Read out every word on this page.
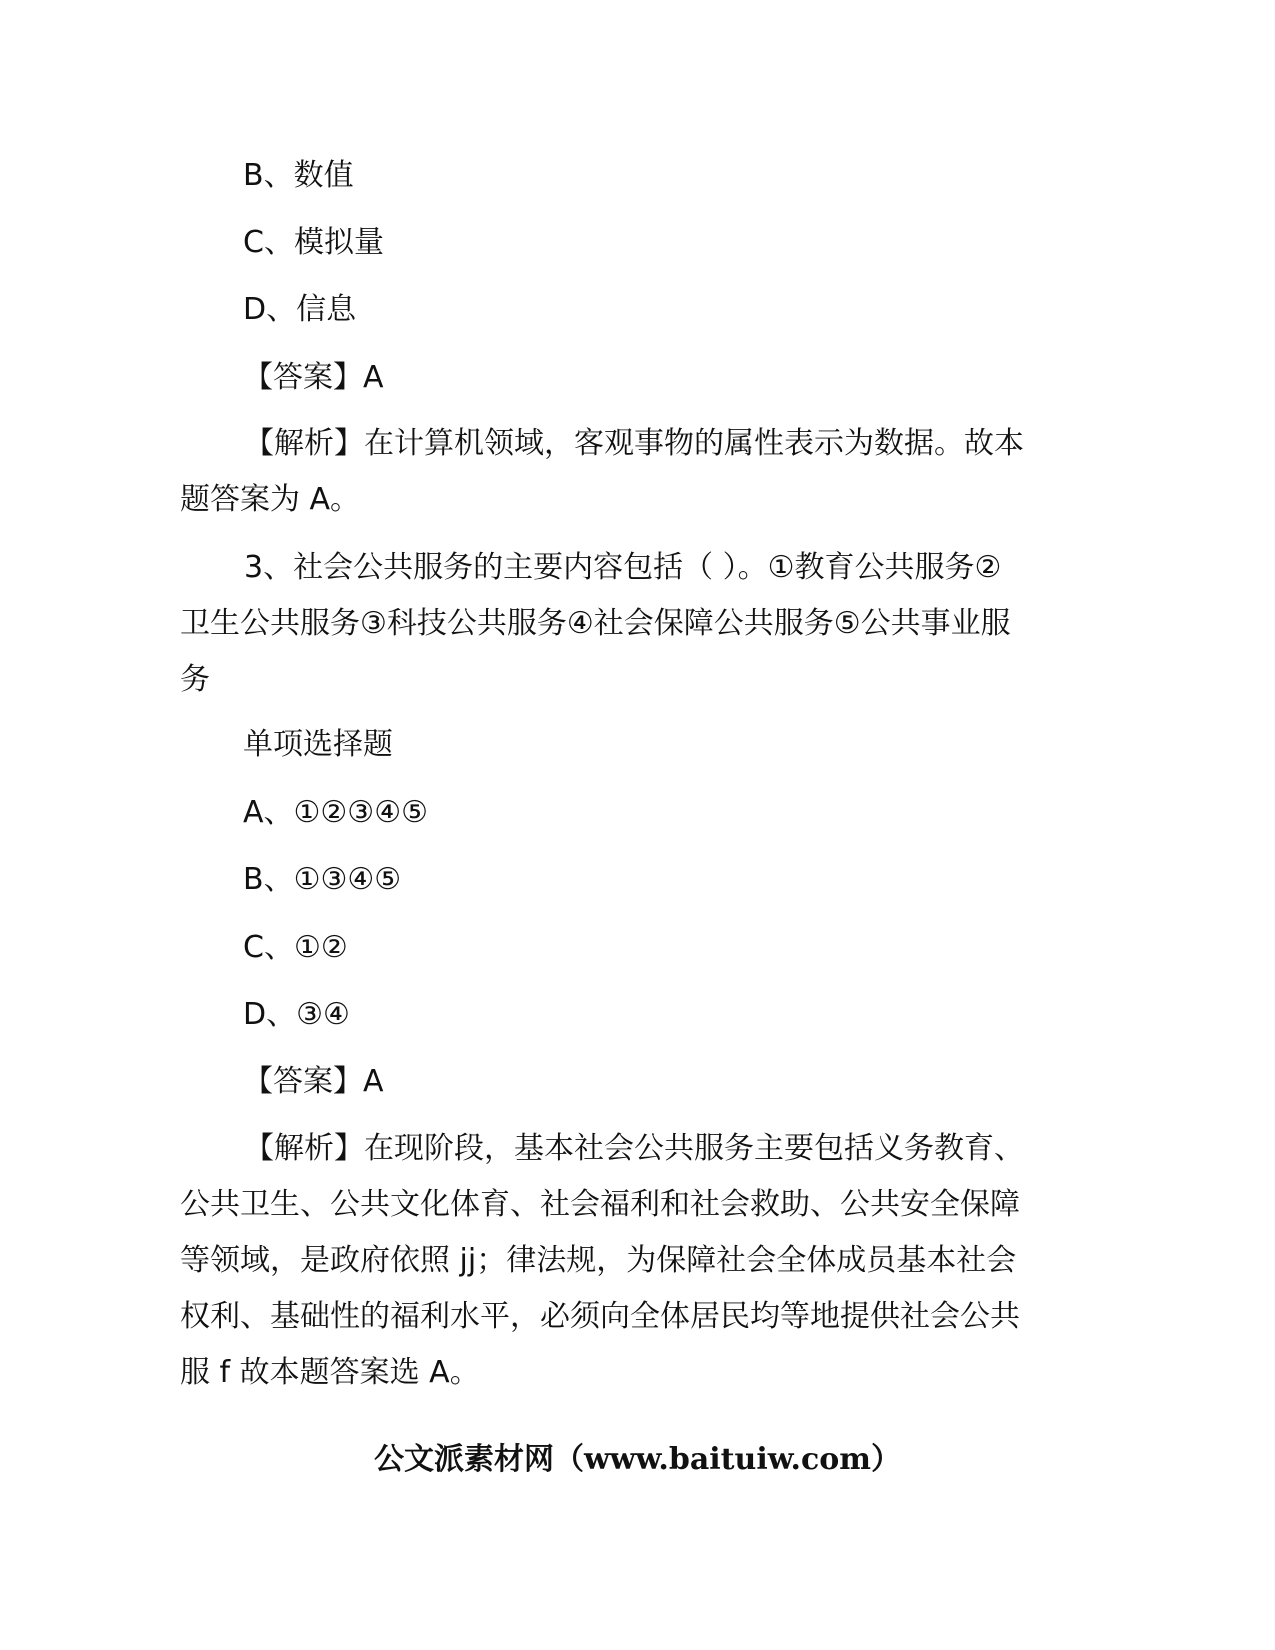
B、数值
C、模拟量
D、信息
【答案】A
【解析】在计算机领域，客观事物的属性表示为数据。故本题答案为 A。
3、社会公共服务的主要内容包括（ ）。①教育公共服务②卫生公共服务③科技公共服务④社会保障公共服务⑤公共事业服务
单项选择题
A、①②③④⑤
B、①③④⑤
C、①②
D、③④
【答案】A
【解析】在现阶段，基本社会公共服务主要包括义务教育、公共卫生、公共文化体育、社会福利和社会救助、公共安全保障等领域，是政府依照 jj；律法规，为保障社会全体成员基本社会权利、基础性的福利水平，必须向全体居民均等地提供社会公共服 f 故本题答案选 A。
公文派素材网（www.baituiw.com）
